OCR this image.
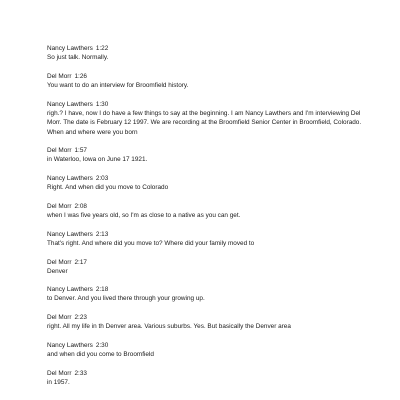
Nancy Lawthers 1:22

So just talk. Normally.

Del Morr 1:26

You want to do an interview for Broomfield history.

Nancy Lawthers 1:30

righ.? I have, now I do have a few things to say at the beginning. I am Nancy Lawthers and I'm interviewing Del Morr. The date is February 12 1997. We are recording at the Broomfield Senior Center in Broomfield, Colorado. When and where were you born

Del Morr 1:57

in Waterloo, Iowa on June 17 1921.

Nancy Lawthers 2:03

Right. And when did you move to Colorado

Del Morr 2:08

when I was five years old, so I'm as close to a native as you can get.

Nancy Lawthers 2:13

That's right. And where did you move to? Where did your family moved to

Del Morr 2:17

Denver

Nancy Lawthers 2:18

to Denver. And you lived there through your growing up.

Del Morr 2:23

right. All my life in th Denver area. Various suburbs. Yes. But basically the Denver area

Nancy Lawthers 2:30

and when did you come to Broomfield

Del Morr 2:33

in 1957.
